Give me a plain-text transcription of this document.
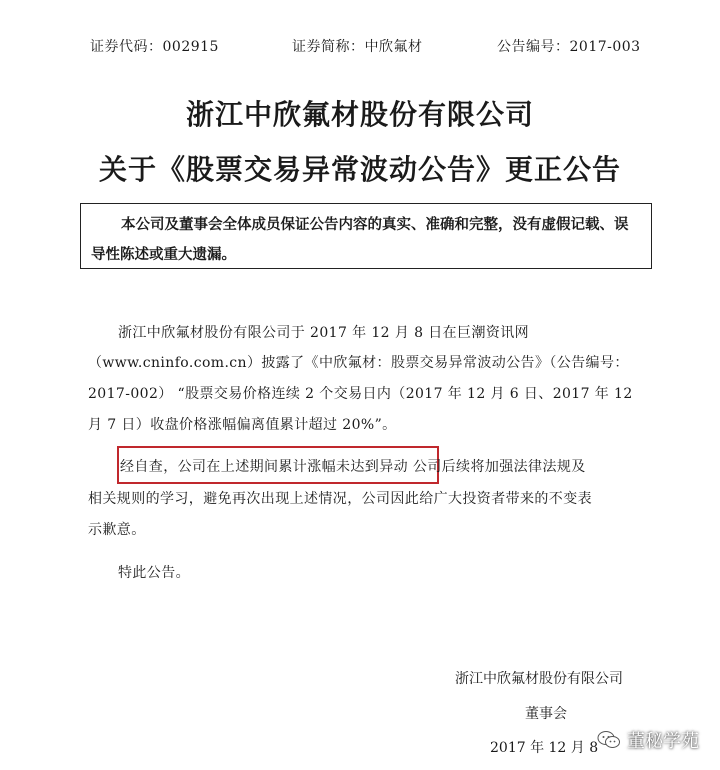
证券代码：002915	证券简称：中欣氟材	公告编号：2017-003
浙江中欣氟材股份有限公司
关于《股票交易异常波动公告》更正公告
本公司及董事会全体成员保证公告内容的真实、准确和完整，没有虚假记载、误导性陈述或重大遗漏。
浙江中欣氟材股份有限公司于 2017 年 12 月 8 日在巨潮资讯网
（www.cninfo.com.cn）披露了《中欣氟材：股票交易异常波动公告》（公告编号：
2017-002） “股票交易价格连续 2 个交易日内（2017 年 12 月 6 日、2017 年 12
月 7 日）收盘价格涨幅偏离值累计超过 20%”。
经自查，公司在上述期间累计涨幅未达到异动 公司后续将加强法律法规及
相关规则的学习，避免再次出现上述情况，公司因此给广大投资者带来的不变表
示歉意。
特此公告。
浙江中欣氟材股份有限公司
董事会
2017 年 12 月 8 董秘学苑
